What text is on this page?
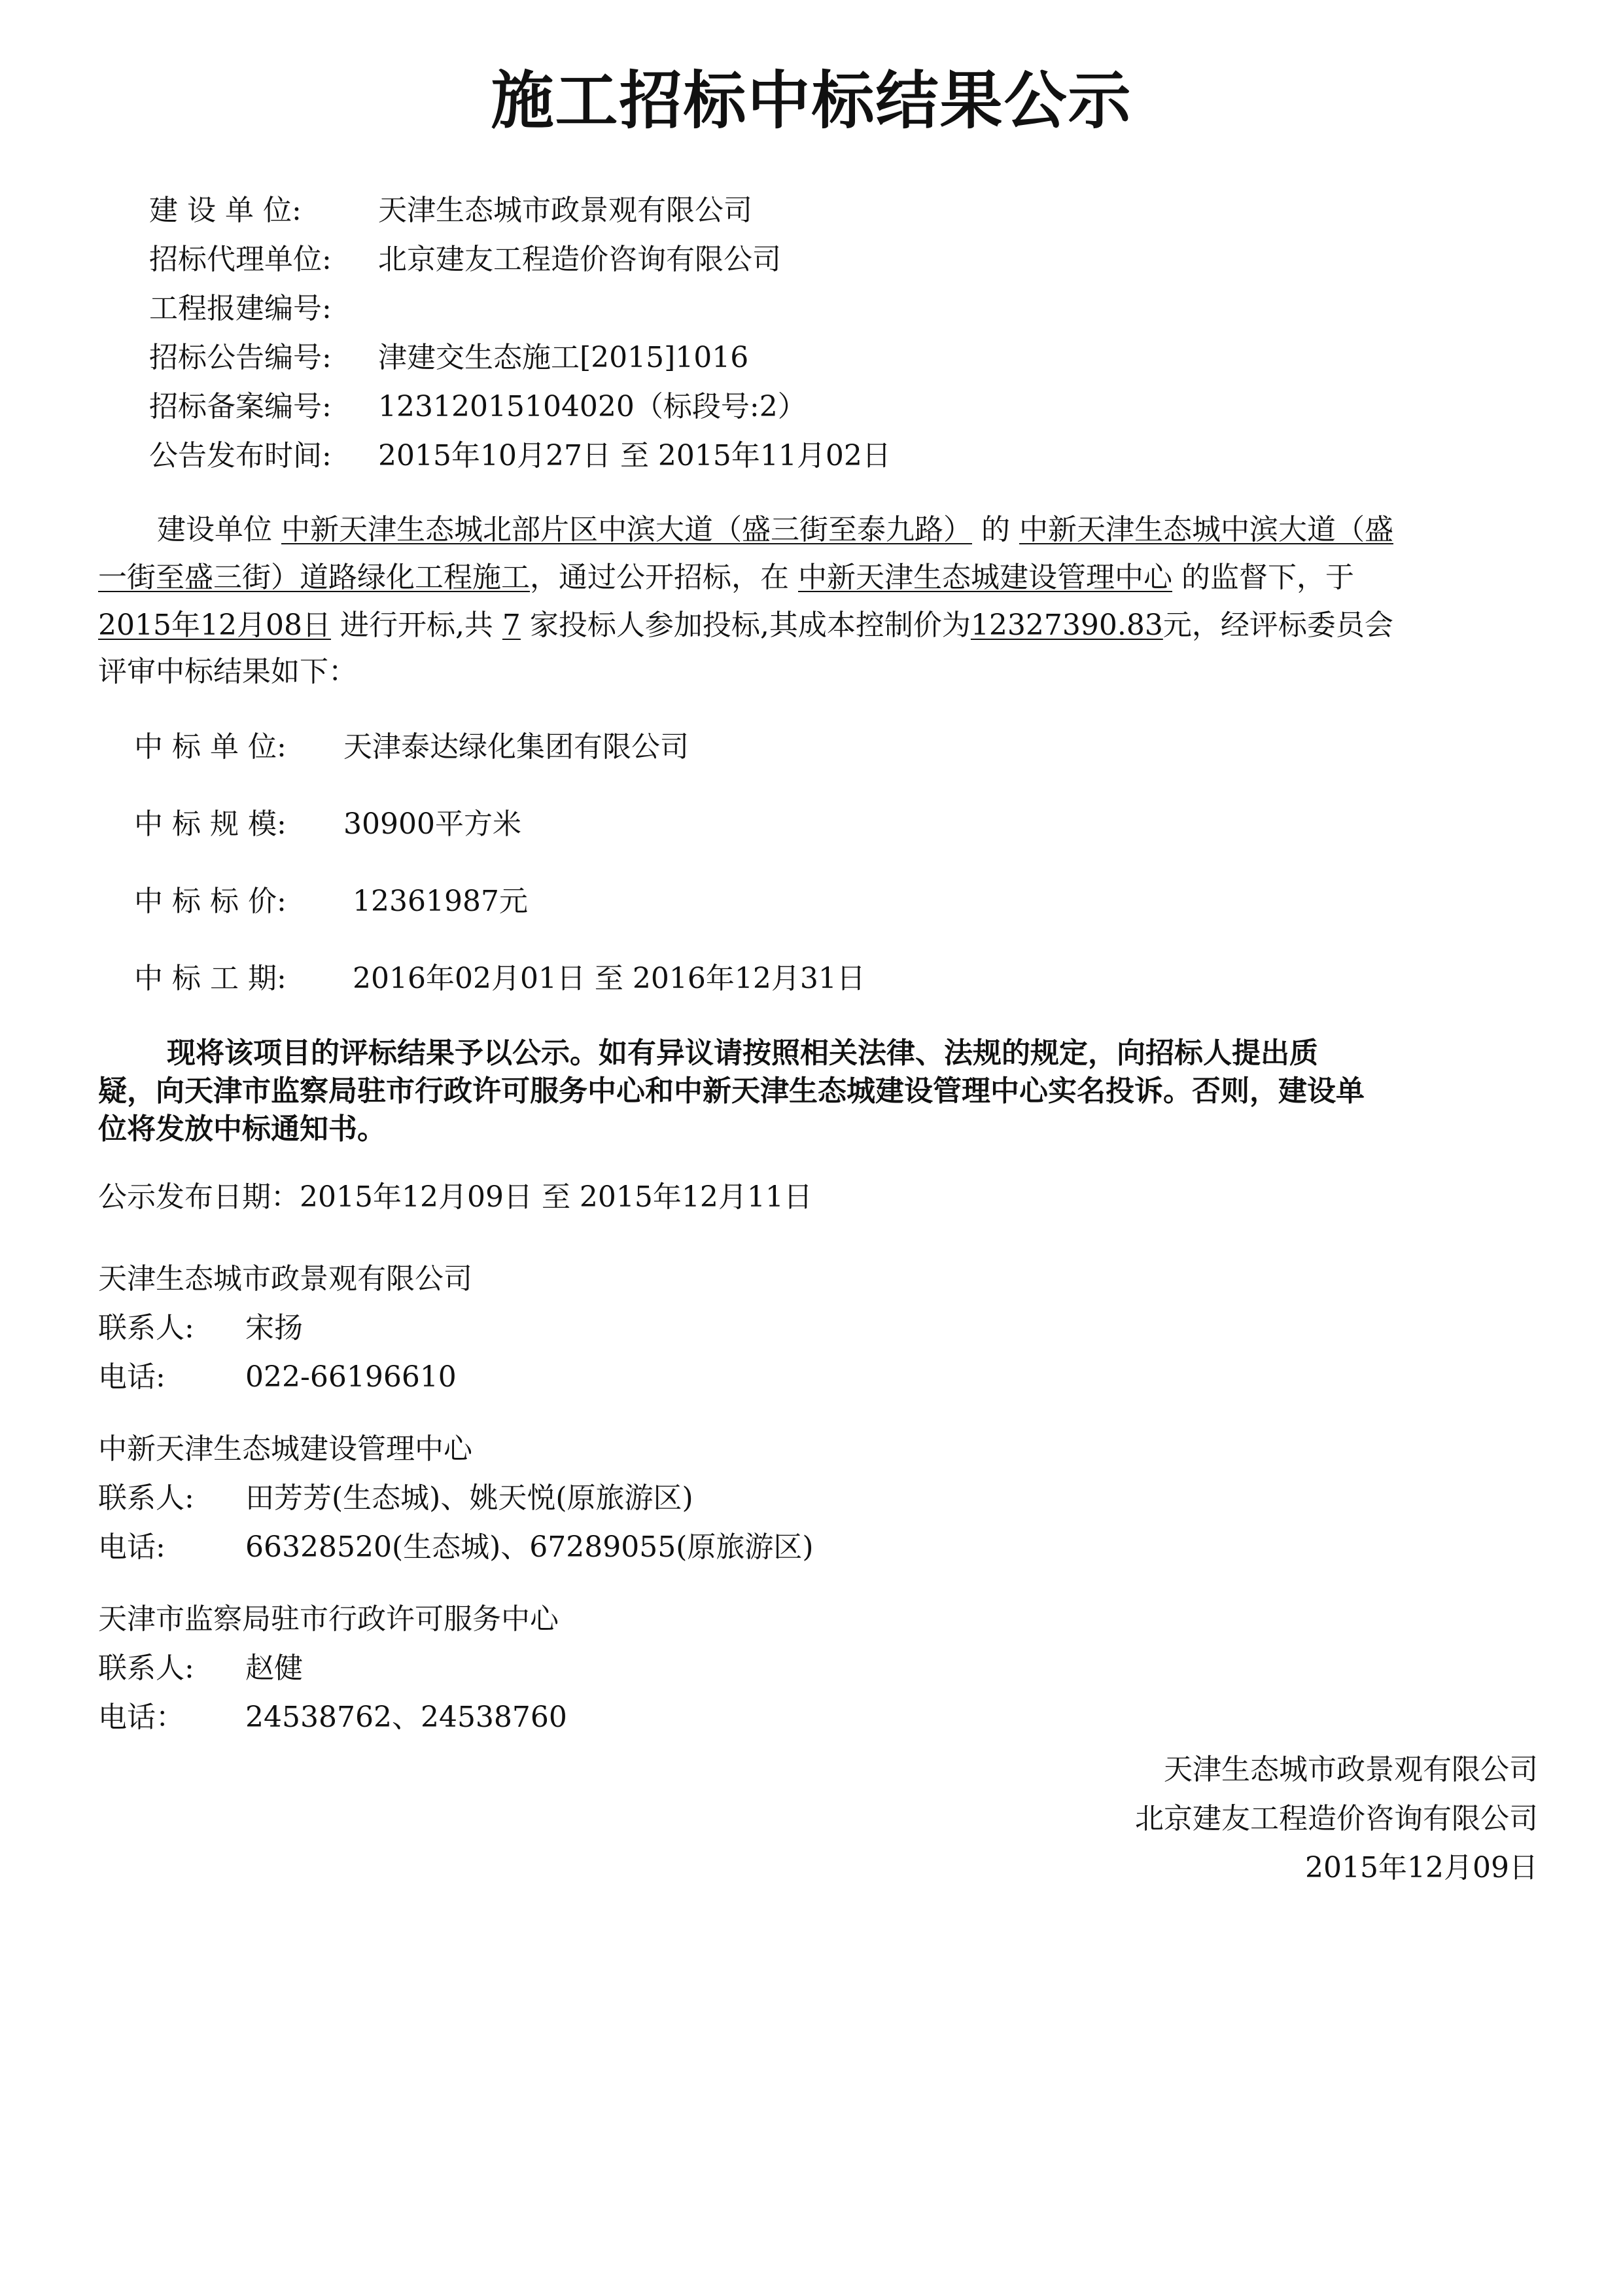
施工招标中标结果公示
建 设 单 位:	天津生态城市政景观有限公司
招标代理单位: 北京建友工程造价咨询有限公司
工程报建编号:
招标公告编号: 津建交生态施工[2015]1016
招标备案编号: 12312015104020（标段号:2）
公告发布时间: 2015年10月27日 至 2015年11月02日
建设单位 中新天津生态城北部片区中滨大道（盛三街至泰九路） 的 中新天津生态城中滨大道（盛
一街至盛三街）道路绿化工程施工，通过公开招标，在 中新天津生态城建设管理中心 的监督下，于
2015年12月08日 进行开标,共 7 家投标人参加投标,其成本控制价为12327390.83元，经评标委员会
评审中标结果如下：
中 标 单 位: 天津泰达绿化集团有限公司
中 标 规 模: 30900平方米
中 标 标 价: 12361987元
中 标 工 期: 2016年02月01日 至 2016年12月31日
现将该项目的评标结果予以公示。如有异议请按照相关法律、法规的规定，向招标人提出质
疑，向天津市监察局驻市行政许可服务中心和中新天津生态城建设管理中心实名投诉。否则，建设单
位将发放中标通知书。
公示发布日期：2015年12月09日 至 2015年12月11日
天津生态城市政景观有限公司
联系人: 宋扬
电话:	022-66196610
中新天津生态城建设管理中心
联系人: 田芳芳(生态城)、姚天悦(原旅游区)
电话:	66328520(生态城)、67289055(原旅游区)
天津市监察局驻市行政许可服务中心
联系人: 赵健
电话： 24538762、24538760
天津生态城市政景观有限公司
北京建友工程造价咨询有限公司
2015年12月09日
